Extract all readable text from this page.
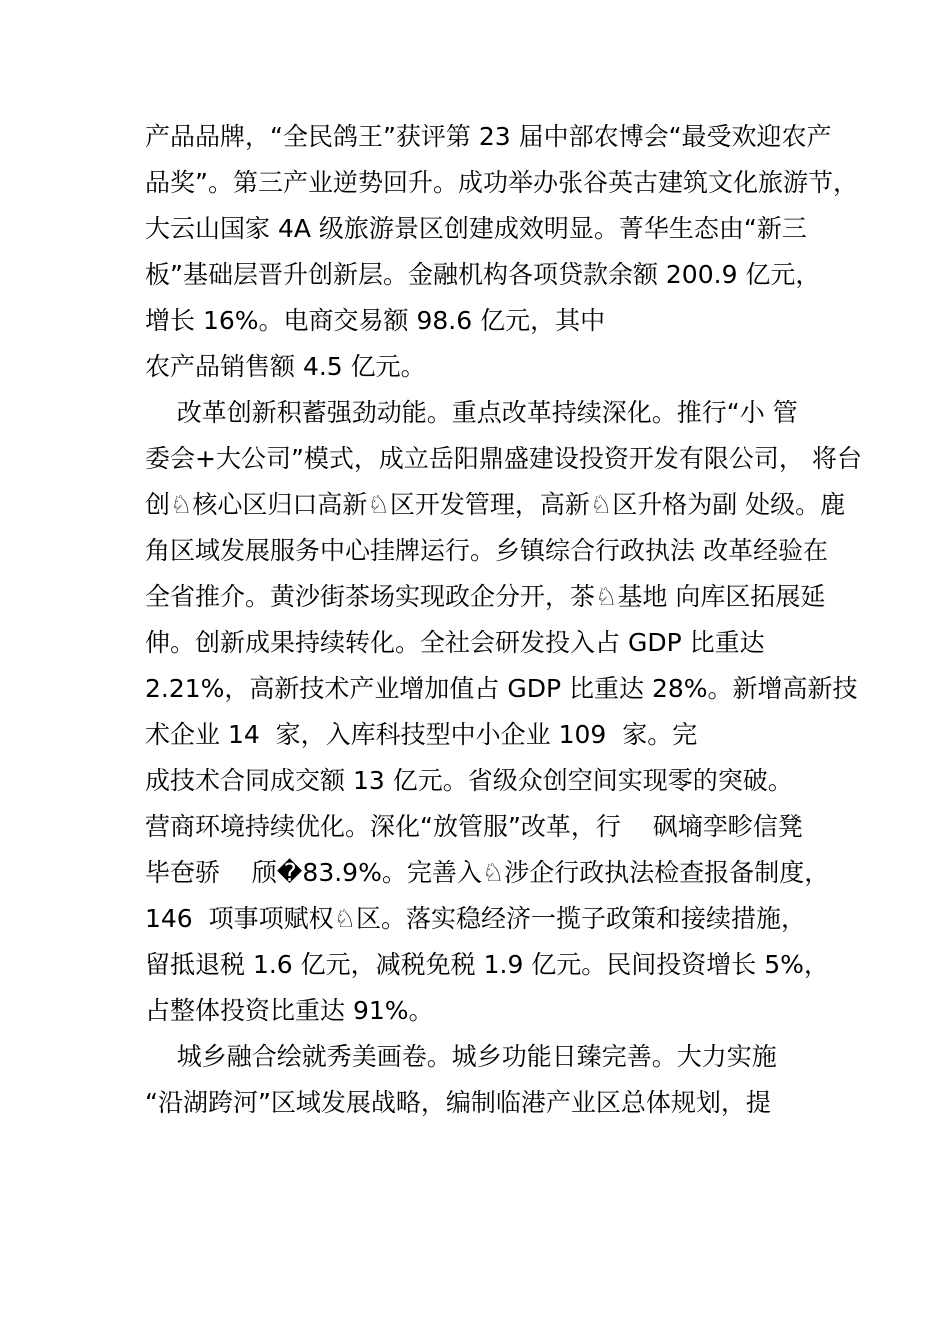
产品品牌，“全民鸽王”获评第 23 届中部农博会“最受欢迎农产
品奖”。第三产业逆势回升。成功举办张谷英古建筑文化旅游节，
大云山国家 4A 级旅游景区创建成效明显。菁华生态由“新三
板”基础层晋升创新层。金融机构各项贷款余额 200.9 亿元，
增长 16%。电商交易额 98.6 亿元，其中
农产品销售额 4.5 亿元。
改革创新积蓄强劲动能。重点改革持续深化。推行“小 管
委会+大公司”模式，成立岳阳鼎盛建设投资开发有限公司， 将台
创♘核心区归口高新♘区开发管理，高新♘区升格为副 处级。鹿
角区域发展服务中心挂牌运行。乡镇综合行政执法 改革经验在
全省推介。黄沙街茶场实现政企分开，茶♘基地 向库区拓展延
伸。创新成果持续转化。全社会研发投入占 GDP 比重达
2.21%，高新技术产业增加值占 GDP 比重达 28%。新增高新技
术企业 14  家，入库科技型中小企业 109  家。完
成技术合同成交额 13 亿元。省级众创空间实现零的突破。
营商环境持续优化。深化“放管服”改革，行    砜墒孪畛信凳
毕夿骄    颀�83.9%。完善入♘涉企行政执法检查报备制度，
146  项事项赋权♘区。落实稳经济一揽子政策和接续措施，
留抵退税 1.6 亿元，减税免税 1.9 亿元。民间投资增长 5%，
占整体投资比重达 91%。
城乡融合绘就秀美画卷。城乡功能日臻完善。大力实施
“沿湖跨河”区域发展战略，编制临港产业区总体规划，提
